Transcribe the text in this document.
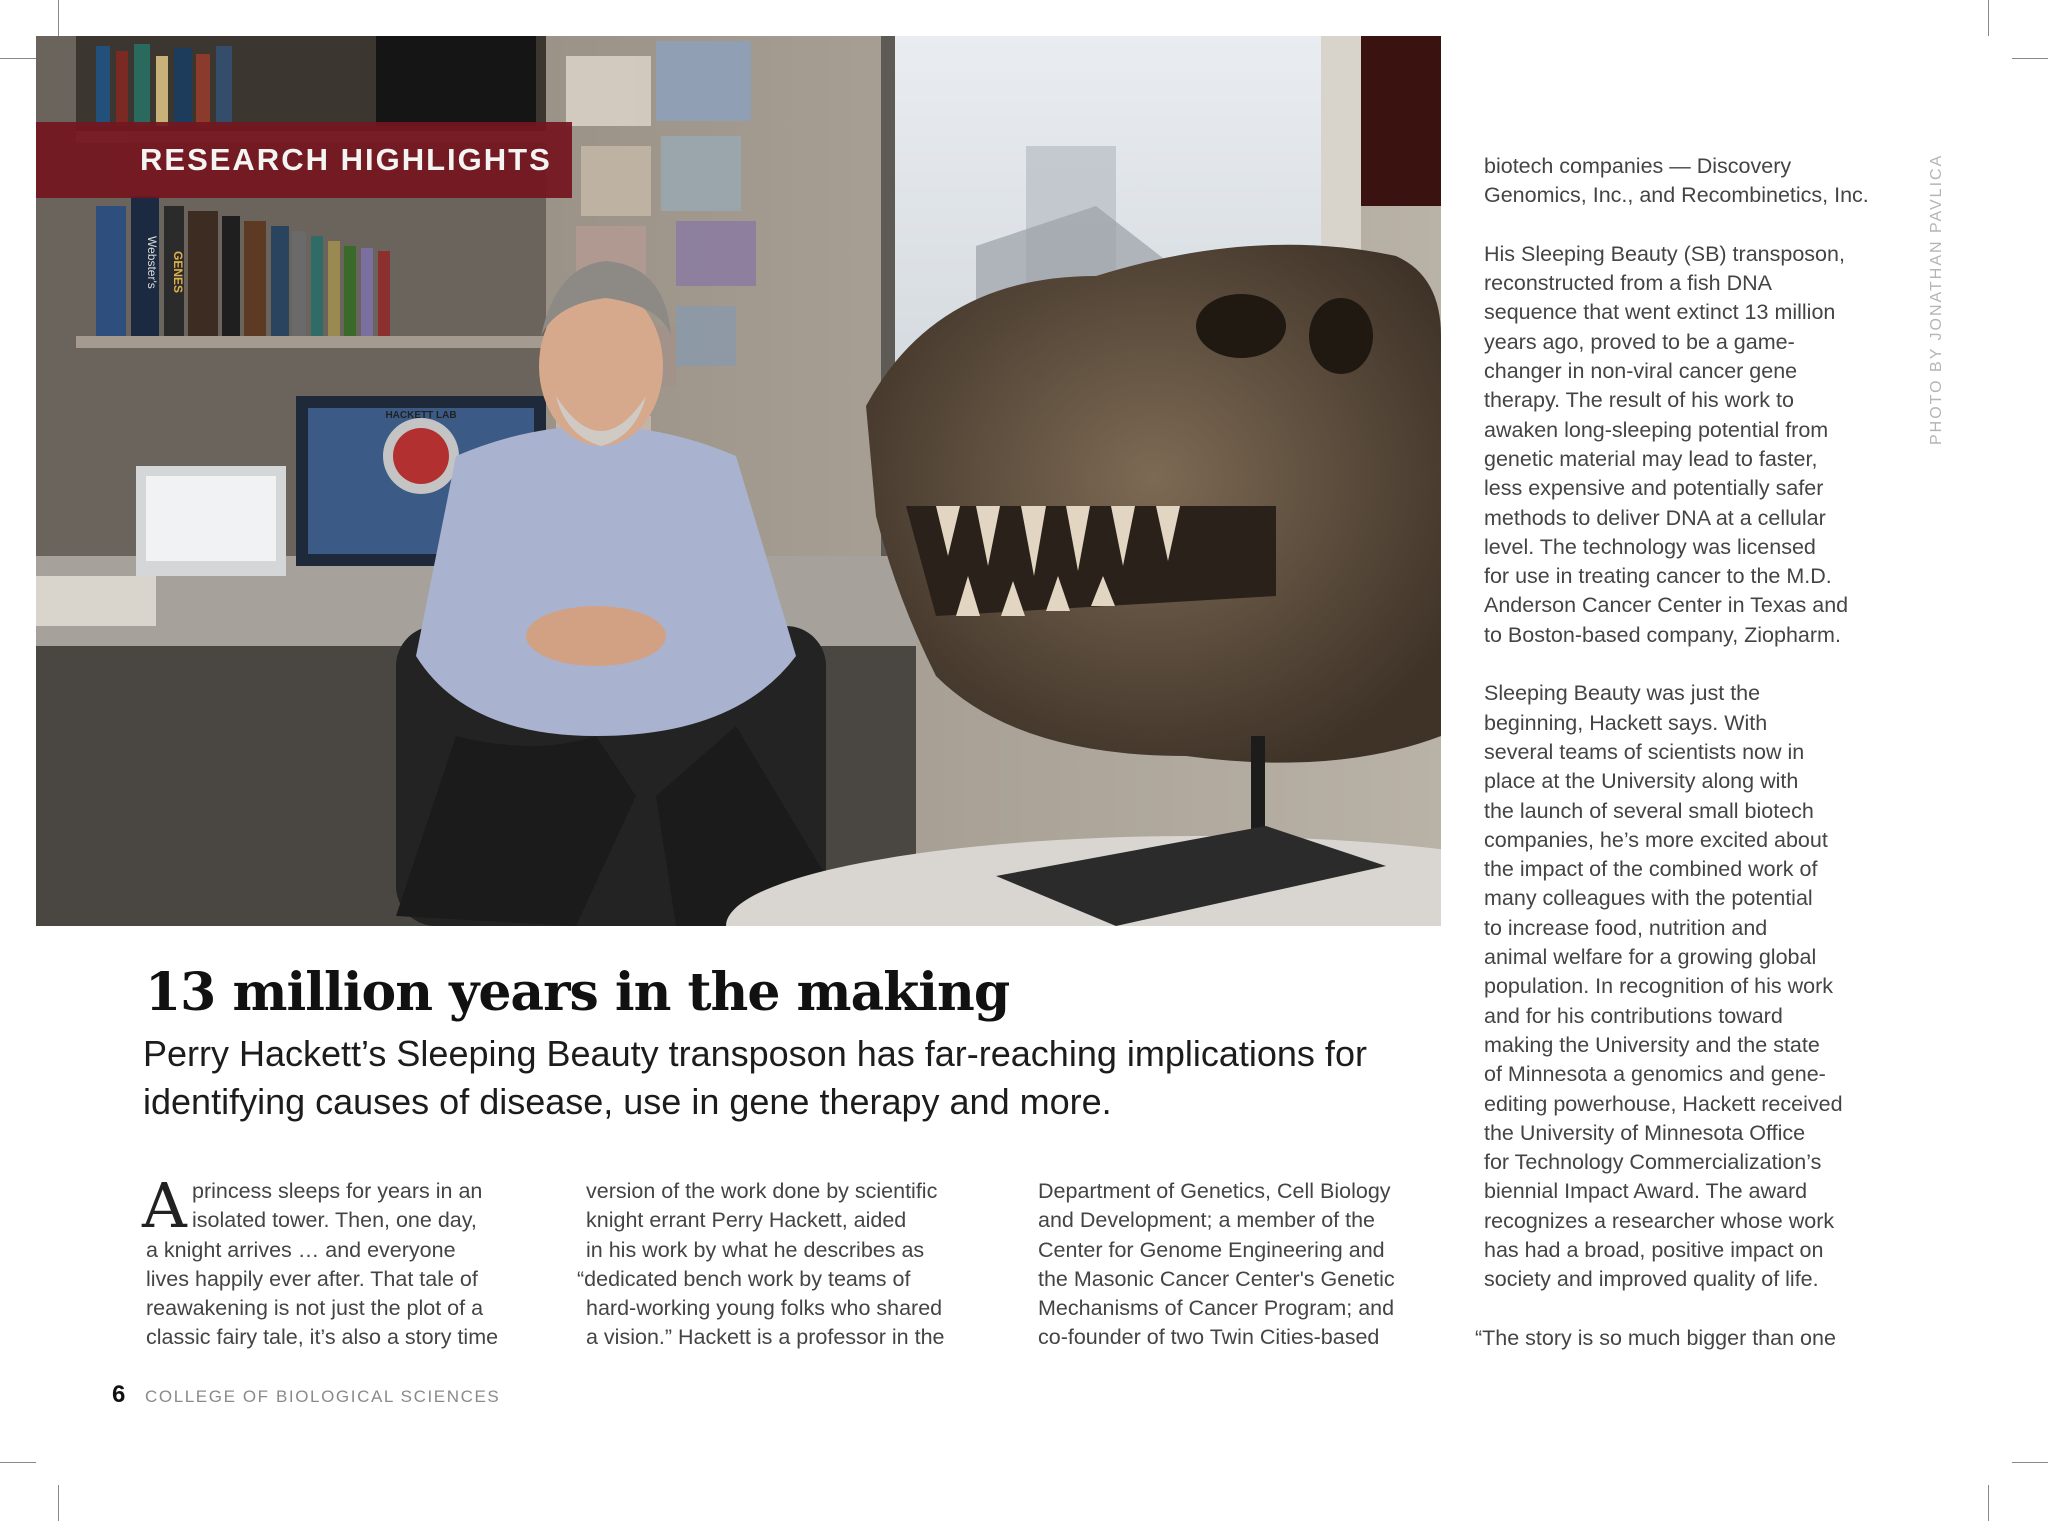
Webster's GENES
HACKETT LAB

RESEARCH HIGHLIGHTS

13 million years in the making

Perry Hackett’s Sleeping Beauty transposon has far-reaching implications for identifying causes of disease, use in gene therapy and more.

A princess sleeps for years in an

isolated tower. Then, one day,

a knight arrives … and everyone

lives happily ever after. That tale of

reawakening is not just the plot of a

classic fairy tale, it’s also a story time

version of the work done by scientific

knight errant Perry Hackett, aided

in his work by what he describes as

“dedicated bench work by teams of

hard-working young folks who shared

a vision.” Hackett is a professor in the

Department of Genetics, Cell Biology

and Development; a member of the

Center for Genome Engineering and

the Masonic Cancer Center's Genetic

Mechanisms of Cancer Program; and

co-founder of two Twin Cities-based

biotech companies — Discovery

Genomics, Inc., and Recombinetics, Inc.

His Sleeping Beauty (SB) transposon,

reconstructed from a fish DNA

sequence that went extinct 13 million

years ago, proved to be a game-

changer in non-viral cancer gene

therapy. The result of his work to

awaken long-sleeping potential from

genetic material may lead to faster,

less expensive and potentially safer

methods to deliver DNA at a cellular

level. The technology was licensed

for use in treating cancer to the M.D.

Anderson Cancer Center in Texas and

to Boston-based company, Ziopharm.

Sleeping Beauty was just the

beginning, Hackett says. With

several teams of scientists now in

place at the University along with

the launch of several small biotech

companies, he’s more excited about

the impact of the combined work of

many colleagues with the potential

to increase food, nutrition and

animal welfare for a growing global

population. In recognition of his work

and for his contributions toward

making the University and the state

of Minnesota a genomics and gene-

editing powerhouse, Hackett received

the University of Minnesota Office

for Technology Commercialization’s

biennial Impact Award. The award

recognizes a researcher whose work

has had a broad, positive impact on

society and improved quality of life.

“The story is so much bigger than one

PHOTO BY JONATHAN PAVLICA

6 COLLEGE OF BIOLOGICAL SCIENCES
